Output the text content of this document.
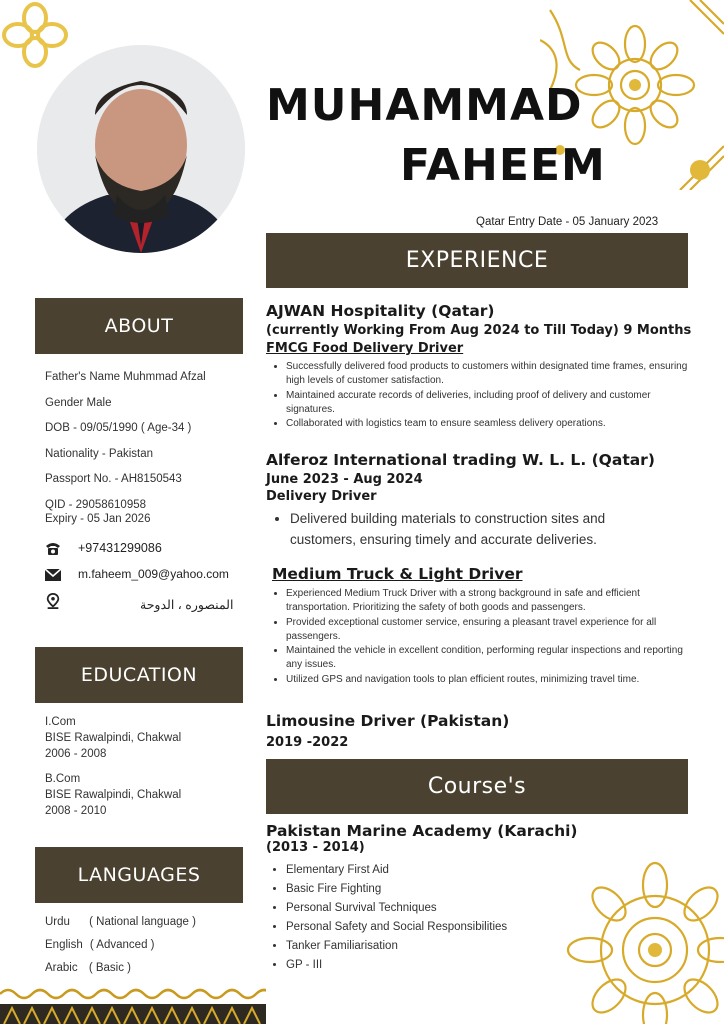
MUHAMMAD
FAHEEM
Qatar Entry Date - 05 January 2023
ABOUT
Father's Name Muhmmad Afzal
Gender Male
DOB - 09/05/1990 ( Age-34 )
Nationality - Pakistan
Passport No. - AH8150543
QID - 29058610958
Expiry - 05 Jan 2026
+97431299086
m.faheem_009@yahoo.com
المنصوره ، الدوحة
EDUCATION
I.Com
BISE Rawalpindi, Chakwal
2006 - 2008
B.Com
BISE Rawalpindi, Chakwal
2008 - 2010
LANGUAGES
Urdu ( National language )
English ( Advanced )
Arabic ( Basic )
EXPERIENCE
AJWAN Hospitality (Qatar)
(currently Working From Aug 2024 to Till Today) 9 Months
FMCG Food Delivery Driver
• Successfully delivered food products to customers within designated time frames, ensuring high levels of customer satisfaction.
• Maintained accurate records of deliveries, including proof of delivery and customer signatures.
• Collaborated with logistics team to ensure seamless delivery operations.
Alferoz International trading W. L. L. (Qatar)
June 2023 - Aug 2024
Delivery Driver
• Delivered building materials to construction sites and customers, ensuring timely and accurate deliveries.
Medium Truck & Light Driver
• Experienced Medium Truck Driver with a strong background in safe and efficient transportation. Prioritizing the safety of both goods and passengers.
• Provided exceptional customer service, ensuring a pleasant travel experience for all passengers.
• Maintained the vehicle in excellent condition, performing regular inspections and reporting any issues.
• Utilized GPS and navigation tools to plan efficient routes, minimizing travel time.
Limousine Driver (Pakistan)
2019 -2022
Course's
Pakistan Marine Academy (Karachi)
(2013 - 2014)
• Elementary First Aid
• Basic Fire Fighting
• Personal Survival Techniques
• Personal Safety and Social Responsibilities
• Tanker Familiarisation
• GP - III
